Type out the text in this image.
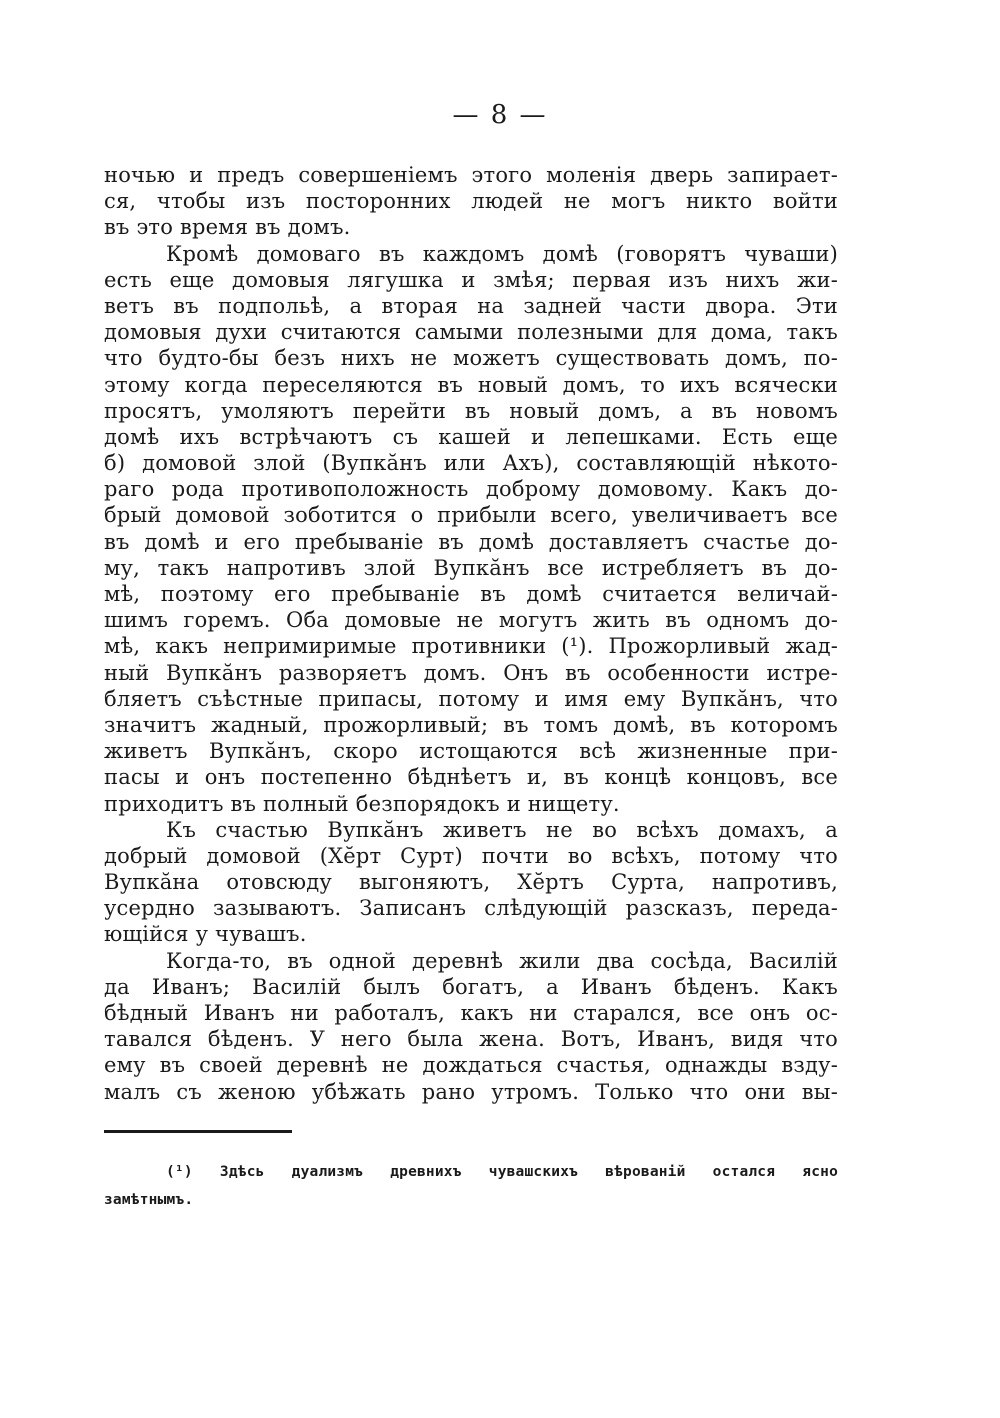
— 8 —
ночью и предъ совершеніемъ этого моленія дверь запирает-
ся, чтобы изъ посторонних людей не могъ никто войти
въ это время въ домъ.
Кромѣ домоваго въ каждомъ домѣ (говорятъ чуваши)
есть еще домовыя лягушка и змѣя; первая изъ нихъ жи-
ветъ въ подпольѣ, а вторая на задней части двора. Эти
домовыя духи считаются самыми полезными для дома, такъ
что будто-бы безъ нихъ не можетъ существовать домъ, по-
этому когда переселяются въ новый домъ, то ихъ всячески
просятъ, умоляютъ перейти въ новый домъ, а въ новомъ
домѣ ихъ встрѣчаютъ съ кашей и лепешками. Есть еще
б) домовой злой (Вупкăнъ или Ахъ), составляющій нѣкото-
раго рода противоположность доброму домовому. Какъ до-
брый домовой зоботится о прибыли всего, увеличиваетъ все
въ домѣ и его пребываніе въ домѣ доставляетъ счастье до-
му, такъ напротивъ злой Вупкăнъ все истребляетъ въ до-
мѣ, поэтому его пребываніе въ домѣ считается величай-
шимъ горемъ. Оба домовые не могутъ жить въ одномъ до-
мѣ, какъ непримиримые противники (¹). Прожорливый жад-
ный Вупкăнъ разворяетъ домъ. Онъ въ особенности истре-
бляетъ съѣстные припасы, потому и имя ему Вупкăнъ, что
значитъ жадный, прожорливый; въ томъ домѣ, въ которомъ
живетъ Вупкăнъ, скоро истощаются всѣ жизненные при-
пасы и онъ постепенно бѣднѣетъ и, въ концѣ концовъ, все
приходитъ въ полный безпорядокъ и нищету.
Къ счастью Вупкăнъ живетъ не во всѣхъ домахъ, а
добрый домовой (Хĕрт Сурт) почти во всѣхъ, потому что
Вупкăна отовсюду выгоняютъ, Хĕртъ Сурта, напротивъ,
усердно зазываютъ. Записанъ слѣдующій разсказъ, переда-
ющійся у чувашъ.
Когда-то, въ одной деревнѣ жили два сосѣда, Василій
да Иванъ; Василій былъ богатъ, а Иванъ бѣденъ. Какъ
бѣдный Иванъ ни работалъ, какъ ни старался, все онъ ос-
тавался бѣденъ. У него была жена. Вотъ, Иванъ, видя что
ему въ своей деревнѣ не дождаться счастья, однажды взду-
малъ съ женою убѣжать рано утромъ. Только что они вы-
(¹) Здѣсь дуализмъ древнихъ чувашскихъ вѣрованій остался ясно
замѣтнымъ.
